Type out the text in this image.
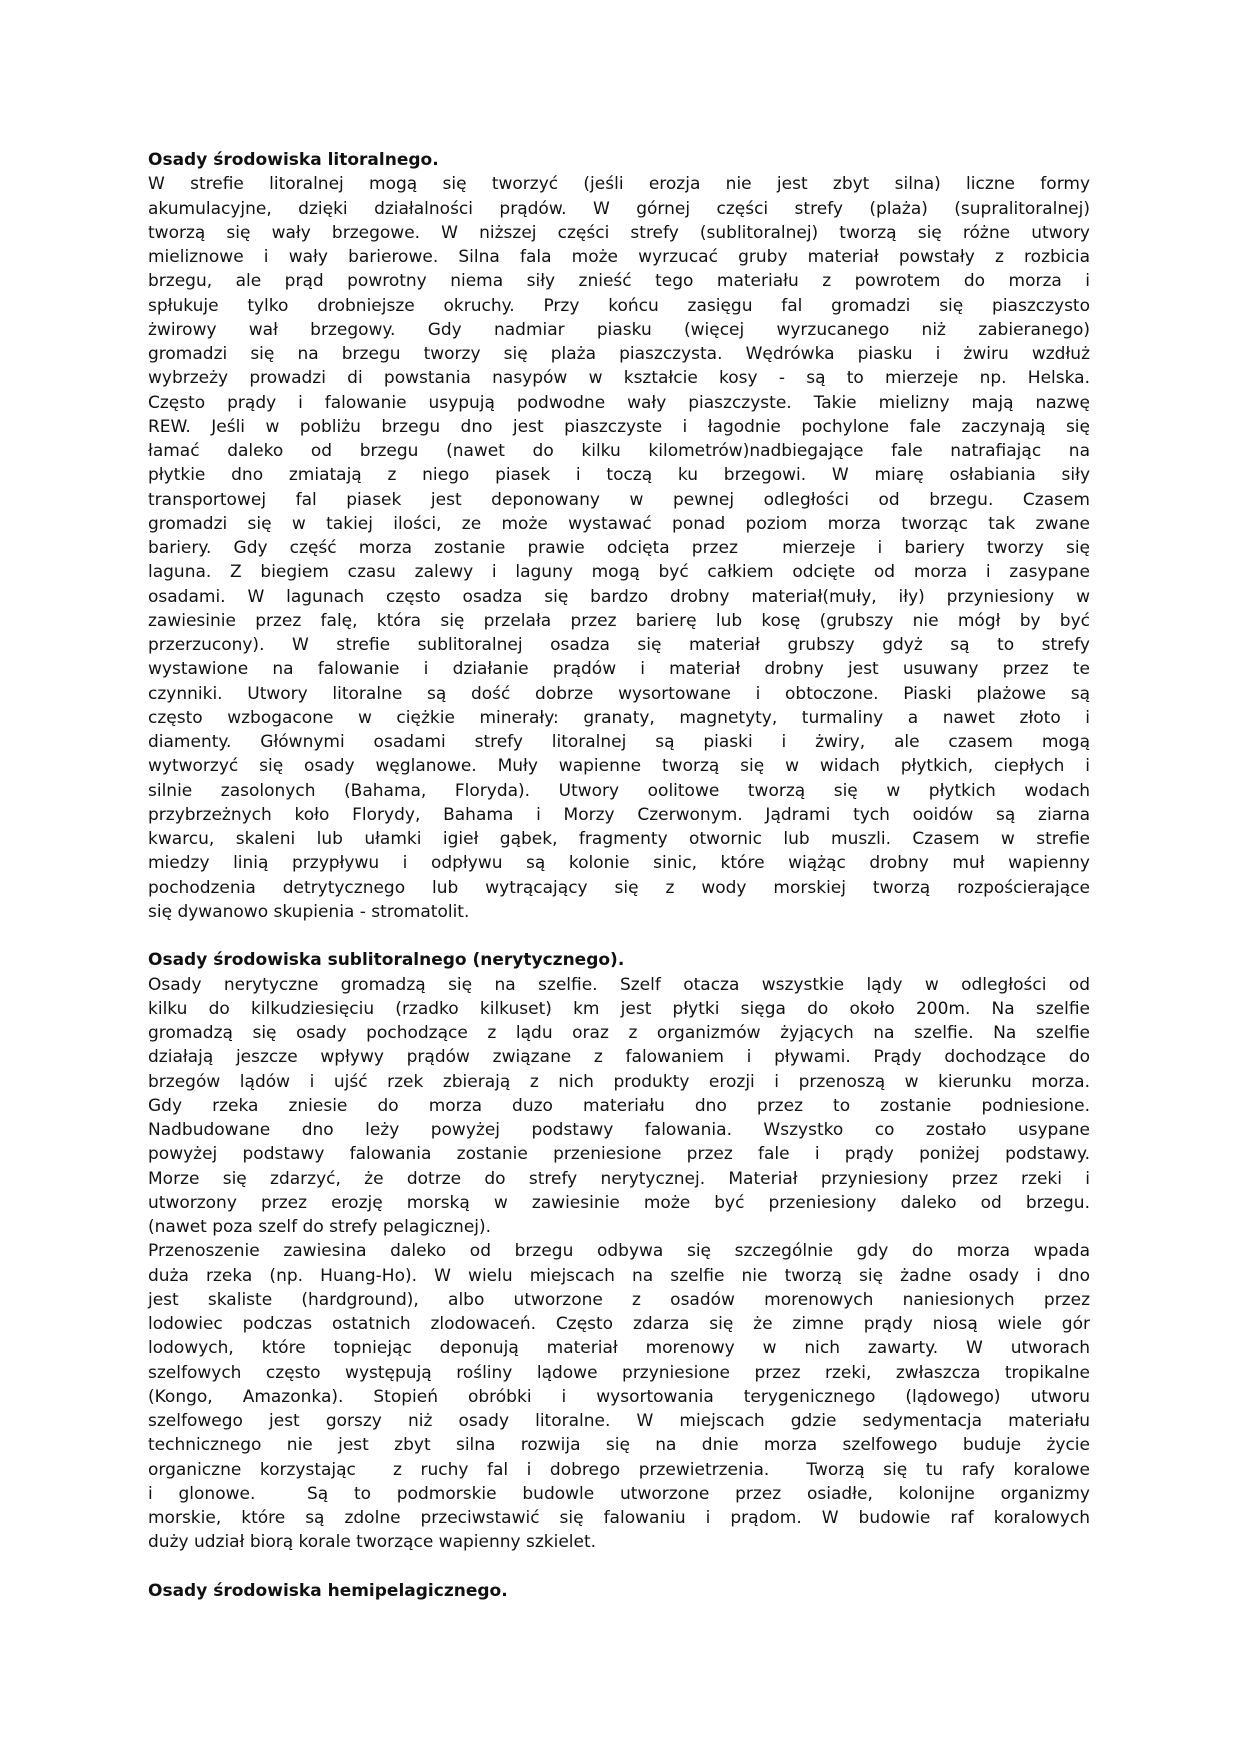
Osady środowiska litoralnego.
W strefie litoralnej mogą się tworzyć (jeśli erozja nie jest zbyt silna) liczne formy
akumulacyjne, dzięki działalności prądów. W górnej części strefy (plaża) (supralitoralnej)
tworzą się wały brzegowe. W niższej części strefy (sublitoralnej) tworzą się różne utwory
mieliznowe i wały barierowe. Silna fala może wyrzucać gruby materiał powstały z rozbicia
brzegu, ale prąd powrotny niema siły znieść tego materiału z powrotem do morza i
spłukuje tylko drobniejsze okruchy. Przy końcu zasięgu fal gromadzi się piaszczysto
żwirowy wał brzegowy. Gdy nadmiar piasku (więcej wyrzucanego niż zabieranego)
gromadzi się na brzegu tworzy się plaża piaszczysta. Wędrówka piasku i żwiru wzdłuż
wybrzeży prowadzi di powstania nasypów w kształcie kosy - są to mierzeje np. Helska.
Często prądy i falowanie usypują podwodne wały piaszczyste. Takie mielizny mają nazwę
REW. Jeśli w pobliżu brzegu dno jest piaszczyste i łagodnie pochylone fale zaczynają się
łamać daleko od brzegu (nawet do kilku kilometrów)nadbiegające fale natrafiając na
płytkie dno zmiatają z niego piasek i toczą ku brzegowi. W miarę osłabiania siły
transportowej fal piasek jest deponowany w pewnej odległości od brzegu. Czasem
gromadzi się w takiej ilości, ze może wystawać ponad poziom morza tworząc tak zwane
bariery. Gdy część morza zostanie prawie odcięta przez  mierzeje i bariery tworzy się
laguna. Z biegiem czasu zalewy i laguny mogą być całkiem odcięte od morza i zasypane
osadami. W lagunach często osadza się bardzo drobny materiał(muły, iły) przyniesiony w
zawiesinie przez falę, która się przelała przez barierę lub kosę (grubszy nie mógł by być
przerzucony). W strefie sublitoralnej osadza się materiał grubszy gdyż są to strefy
wystawione na falowanie i działanie prądów i materiał drobny jest usuwany przez te
czynniki. Utwory litoralne są dość dobrze wysortowane i obtoczone. Piaski plażowe są
często wzbogacone w ciężkie minerały: granaty, magnetyty, turmaliny a nawet złoto i
diamenty. Głównymi osadami strefy litoralnej są piaski i żwiry, ale czasem mogą
wytworzyć się osady węglanowe. Muły wapienne tworzą się w widach płytkich, ciepłych i
silnie zasolonych (Bahama, Floryda). Utwory oolitowe tworzą się w płytkich wodach
przybrzeżnych koło Florydy, Bahama i Morzy Czerwonym. Jądrami tych ooidów są ziarna
kwarcu, skaleni lub ułamki igieł gąbek, fragmenty otwornic lub muszli. Czasem w strefie
miedzy linią przypływu i odpływu są kolonie sinic, które wiążąc drobny muł wapienny
pochodzenia detrytycznego lub wytrącający się z wody morskiej tworzą rozpościerające
się dywanowo skupienia - stromatolit.
Osady środowiska sublitoralnego (nerytycznego).
Osady nerytyczne gromadzą się na szelfie. Szelf otacza wszystkie lądy w odległości od
kilku do kilkudziesięciu (rzadko kilkuset) km jest płytki sięga do około 200m. Na szelfie
gromadzą się osady pochodzące z lądu oraz z organizmów żyjących na szelfie. Na szelfie
działają jeszcze wpływy prądów związane z falowaniem i pływami. Prądy dochodzące do
brzegów lądów i ujść rzek zbierają z nich produkty erozji i przenoszą w kierunku morza.
Gdy rzeka zniesie do morza duzo materiału dno przez to zostanie podniesione.
Nadbudowane dno leży powyżej podstawy falowania. Wszystko co zostało usypane
powyżej podstawy falowania zostanie przeniesione przez fale i prądy poniżej podstawy.
Morze się zdarzyć, że dotrze do strefy nerytycznej. Materiał przyniesiony przez rzeki i
utworzony przez erozję morską w zawiesinie może być przeniesiony daleko od brzegu.
(nawet poza szelf do strefy pelagicznej).
Przenoszenie zawiesina daleko od brzegu odbywa się szczególnie gdy do morza wpada
duża rzeka (np. Huang-Ho). W wielu miejscach na szelfie nie tworzą się żadne osady i dno
jest skaliste (hardground), albo utworzone z osadów morenowych naniesionych przez
lodowiec podczas ostatnich zlodowaceń. Często zdarza się że zimne prądy niosą wiele gór
lodowych, które topniejąc deponują materiał morenowy w nich zawarty. W utworach
szelfowych często występują rośliny lądowe przyniesione przez rzeki, zwłaszcza tropikalne
(Kongo, Amazonka). Stopień obróbki i wysortowania terygenicznego (lądowego) utworu
szelfowego jest gorszy niż osady litoralne. W miejscach gdzie sedymentacja materiału
technicznego nie jest zbyt silna rozwija się na dnie morza szelfowego buduje życie
organiczne korzystając  z ruchy fal i dobrego przewietrzenia.  Tworzą się tu rafy koralowe
i glonowe.  Są to podmorskie budowle utworzone przez osiadłe, kolonijne organizmy
morskie, które są zdolne przeciwstawić się falowaniu i prądom. W budowie raf koralowych
duży udział biorą korale tworzące wapienny szkielet.
Osady środowiska hemipelagicznego.
